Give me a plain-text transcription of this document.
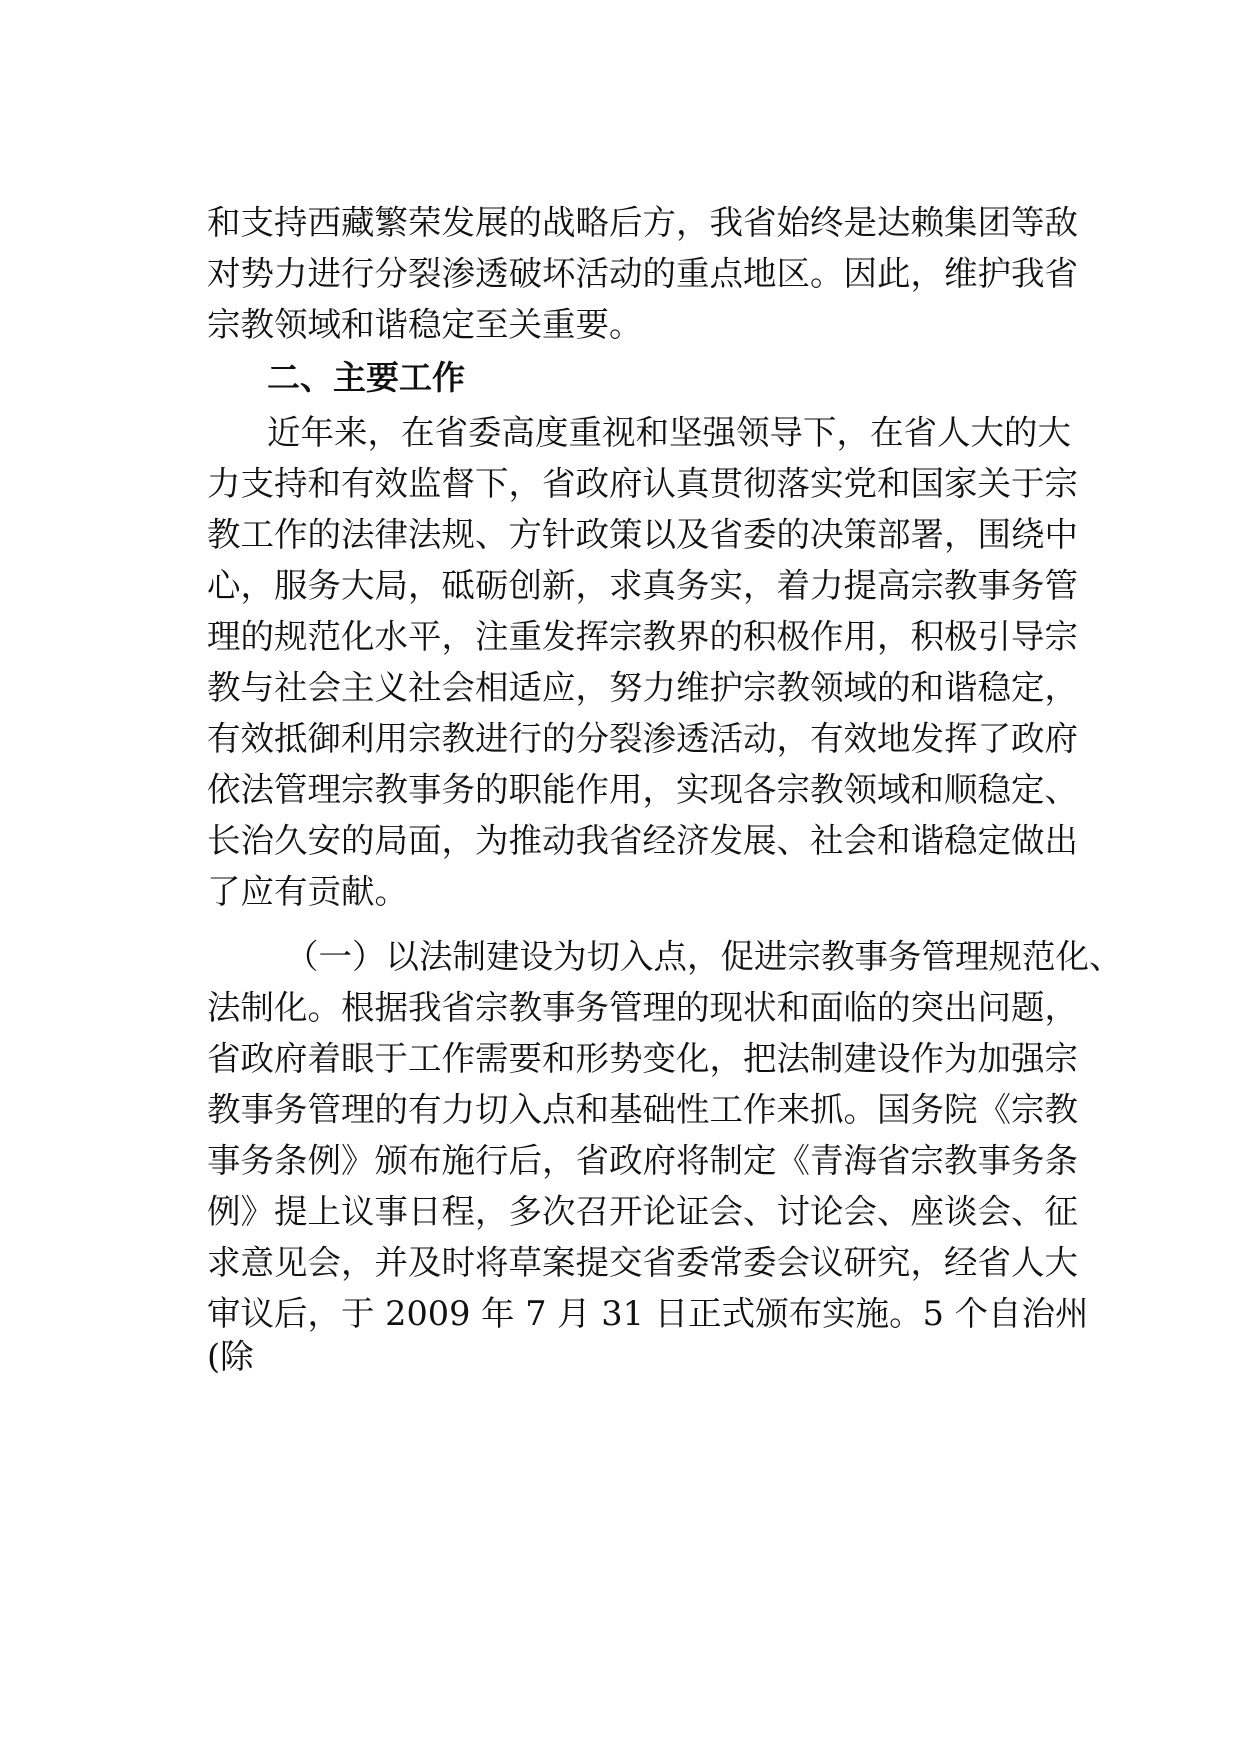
和支持西藏繁荣发展的战略后方，我省始终是达赖集团等敌
对势力进行分裂渗透破坏活动的重点地区。因此，维护我省
宗教领域和谐稳定至关重要。
二、主要工作
近年来，在省委高度重视和坚强领导下，在省人大的大
力支持和有效监督下，省政府认真贯彻落实党和国家关于宗
教工作的法律法规、方针政策以及省委的决策部署，围绕中
心，服务大局，砥砺创新，求真务实，着力提高宗教事务管
理的规范化水平，注重发挥宗教界的积极作用，积极引导宗
教与社会主义社会相适应，努力维护宗教领域的和谐稳定，
有效抵御利用宗教进行的分裂渗透活动，有效地发挥了政府
依法管理宗教事务的职能作用，实现各宗教领域和顺稳定、
长治久安的局面，为推动我省经济发展、社会和谐稳定做出
了应有贡献。
（一）以法制建设为切入点，促进宗教事务管理规范化、
法制化。根据我省宗教事务管理的现状和面临的突出问题，
省政府着眼于工作需要和形势变化，把法制建设作为加强宗
教事务管理的有力切入点和基础性工作来抓。国务院《宗教
事务条例》颁布施行后，省政府将制定《青海省宗教事务条
例》提上议事日程，多次召开论证会、讨论会、座谈会、征
求意见会，并及时将草案提交省委常委会议研究，经省人大
审议后，于 2009 年 7 月 31 日正式颁布实施。5 个自治州
(除
